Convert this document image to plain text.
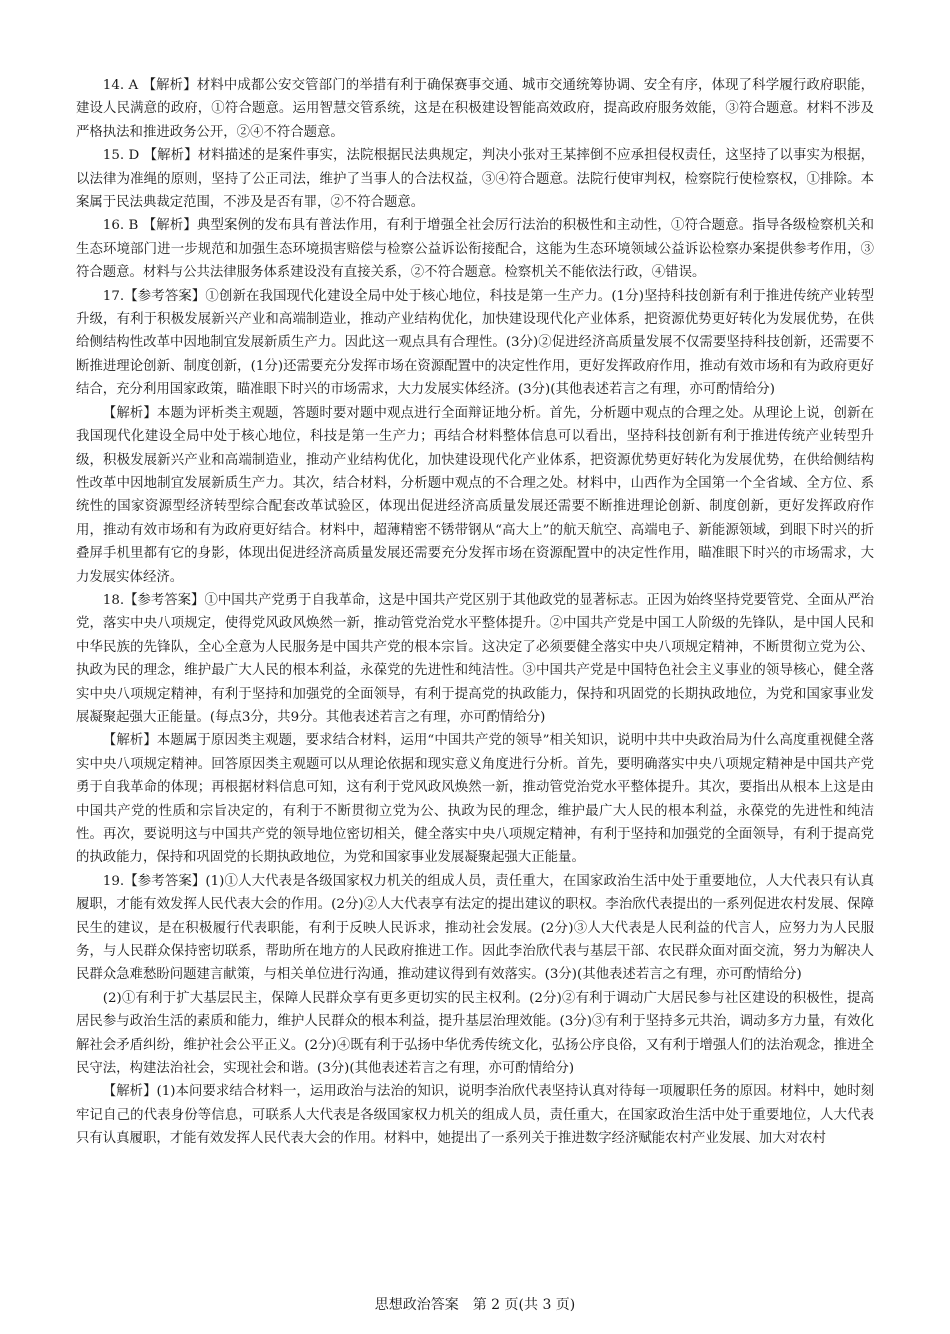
14. A 【解析】材料中成都公安交管部门的举措有利于确保赛事交通、城市交通统筹协调、安全有序，体现了科学履行政府职能，建设人民满意的政府，①符合题意。运用智慧交管系统，这是在积极建设智能高效政府，提高政府服务效能，③符合题意。材料不涉及严格执法和推进政务公开，②④不符合题意。

15. D 【解析】材料描述的是案件事实，法院根据民法典规定，判决小张对王某摔倒不应承担侵权责任，这坚持了以事实为根据，以法律为准绳的原则，坚持了公正司法，维护了当事人的合法权益，③④符合题意。法院行使审判权，检察院行使检察权，①排除。本案属于民法典裁定范围，不涉及是否有罪，②不符合题意。

16. B 【解析】典型案例的发布具有普法作用，有利于增强全社会厉行法治的积极性和主动性，①符合题意。指导各级检察机关和生态环境部门进一步规范和加强生态环境损害赔偿与检察公益诉讼衔接配合，这能为生态环境领域公益诉讼检察办案提供参考作用，③符合题意。材料与公共法律服务体系建设没有直接关系，②不符合题意。检察机关不能依法行政，④错误。

17.【参考答案】①创新在我国现代化建设全局中处于核心地位，科技是第一生产力。(1分)坚持科技创新有利于推进传统产业转型升级，有利于积极发展新兴产业和高端制造业，推动产业结构优化，加快建设现代化产业体系，把资源优势更好转化为发展优势，在供给侧结构性改革中因地制宜发展新质生产力。因此这一观点具有合理性。(3分)②促进经济高质量发展不仅需要坚持科技创新，还需要不断推进理论创新、制度创新，(1分)还需要充分发挥市场在资源配置中的决定性作用，更好发挥政府作用，推动有效市场和有为政府更好结合，充分利用国家政策，瞄准眼下时兴的市场需求，大力发展实体经济。(3分)(其他表述若言之有理，亦可酌情给分)

【解析】本题为评析类主观题，答题时要对题中观点进行全面辩证地分析。首先，分析题中观点的合理之处。从理论上说，创新在我国现代化建设全局中处于核心地位，科技是第一生产力；再结合材料整体信息可以看出，坚持科技创新有利于推进传统产业转型升级，积极发展新兴产业和高端制造业，推动产业结构优化，加快建设现代化产业体系，把资源优势更好转化为发展优势，在供给侧结构性改革中因地制宜发展新质生产力。其次，结合材料，分析题中观点的不合理之处。材料中，山西作为全国第一个全省域、全方位、系统性的国家资源型经济转型综合配套改革试验区，体现出促进经济高质量发展还需要不断推进理论创新、制度创新，更好发挥政府作用，推动有效市场和有为政府更好结合。材料中，超薄精密不锈带钢从“高大上”的航天航空、高端电子、新能源领域，到眼下时兴的折叠屏手机里都有它的身影，体现出促进经济高质量发展还需要充分发挥市场在资源配置中的决定性作用，瞄准眼下时兴的市场需求，大力发展实体经济。

18.【参考答案】①中国共产党勇于自我革命，这是中国共产党区别于其他政党的显著标志。正因为始终坚持党要管党、全面从严治党，落实中央八项规定，使得党风政风焕然一新，推动管党治党水平整体提升。②中国共产党是中国工人阶级的先锋队，是中国人民和中华民族的先锋队，全心全意为人民服务是中国共产党的根本宗旨。这决定了必须要健全落实中央八项规定精神，不断贯彻立党为公、执政为民的理念，维护最广大人民的根本利益，永葆党的先进性和纯洁性。③中国共产党是中国特色社会主义事业的领导核心，健全落实中央八项规定精神，有利于坚持和加强党的全面领导，有利于提高党的执政能力，保持和巩固党的长期执政地位，为党和国家事业发展凝聚起强大正能量。(每点3分，共9分。其他表述若言之有理，亦可酌情给分)

【解析】本题属于原因类主观题，要求结合材料，运用“中国共产党的领导”相关知识，说明中共中央政治局为什么高度重视健全落实中央八项规定精神。回答原因类主观题可以从理论依据和现实意义角度进行分析。首先，要明确落实中央八项规定精神是中国共产党勇于自我革命的体现；再根据材料信息可知，这有利于党风政风焕然一新，推动管党治党水平整体提升。其次，要指出从根本上这是由中国共产党的性质和宗旨决定的，有利于不断贯彻立党为公、执政为民的理念，维护最广大人民的根本利益，永葆党的先进性和纯洁性。再次，要说明这与中国共产党的领导地位密切相关，健全落实中央八项规定精神，有利于坚持和加强党的全面领导，有利于提高党的执政能力，保持和巩固党的长期执政地位，为党和国家事业发展凝聚起强大正能量。

19.【参考答案】(1)①人大代表是各级国家权力机关的组成人员，责任重大，在国家政治生活中处于重要地位，人大代表只有认真履职，才能有效发挥人民代表大会的作用。(2分)②人大代表享有法定的提出建议的职权。李治欣代表提出的一系列促进农村发展、保障民生的建议，是在积极履行代表职能，有利于反映人民诉求，推动社会发展。(2分)③人大代表是人民利益的代言人，应努力为人民服务，与人民群众保持密切联系，帮助所在地方的人民政府推进工作。因此李治欣代表与基层干部、农民群众面对面交流，努力为解决人民群众急难愁盼问题建言献策，与相关单位进行沟通，推动建议得到有效落实。(3分)(其他表述若言之有理，亦可酌情给分)

(2)①有利于扩大基层民主，保障人民群众享有更多更切实的民主权利。(2分)②有利于调动广大居民参与社区建设的积极性，提高居民参与政治生活的素质和能力，维护人民群众的根本利益，提升基层治理效能。(3分)③有利于坚持多元共治，调动多方力量，有效化解社会矛盾纠纷，维护社会公平正义。(2分)④既有利于弘扬中华优秀传统文化，弘扬公序良俗，又有利于增强人们的法治观念，推进全民守法，构建法治社会，实现社会和谐。(3分)(其他表述若言之有理，亦可酌情给分)

【解析】(1)本问要求结合材料一，运用政治与法治的知识，说明李治欣代表坚持认真对待每一项履职任务的原因。材料中，她时刻牢记自己的代表身份等信息，可联系人大代表是各级国家权力机关的组成人员，责任重大，在国家政治生活中处于重要地位，人大代表只有认真履职，才能有效发挥人民代表大会的作用。材料中，她提出了一系列关于推进数字经济赋能农村产业发展、加大对农村

思想政治答案　第 2 页(共 3 页)
